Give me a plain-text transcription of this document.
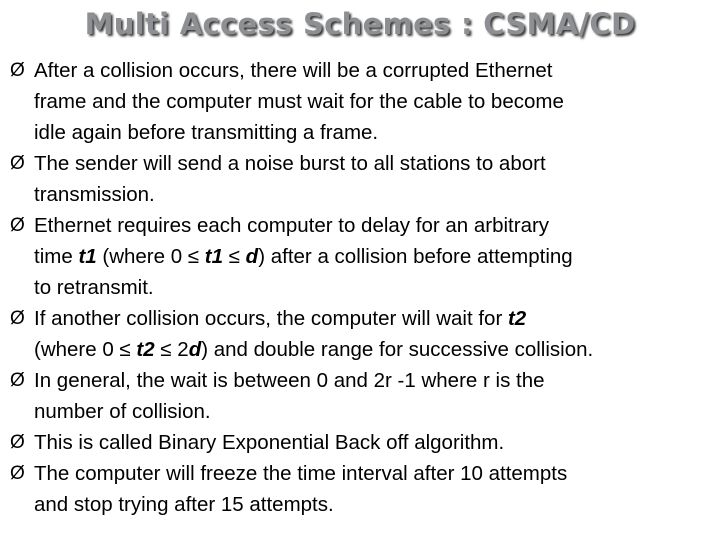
Multi Access Schemes : CSMA/CD
Ø After a collision occurs, there will be a corrupted Ethernet
frame and the computer must wait for the cable to become
idle again before transmitting a frame.
Ø The sender will send a noise burst to all stations to abort
transmission.
Ø Ethernet requires each computer to delay for an arbitrary
time t1 (where 0 ≤ t1 ≤ d) after a collision before attempting
to retransmit.
Ø If another collision occurs, the computer will wait for t2
(where 0 ≤ t2 ≤ 2d) and double range for successive collision.
Ø In general, the wait is between 0 and 2r -1 where r is the
number of collision.
Ø This is called Binary Exponential Back off algorithm.
Ø The computer will freeze the time interval after 10 attempts
and stop trying after 15 attempts.
